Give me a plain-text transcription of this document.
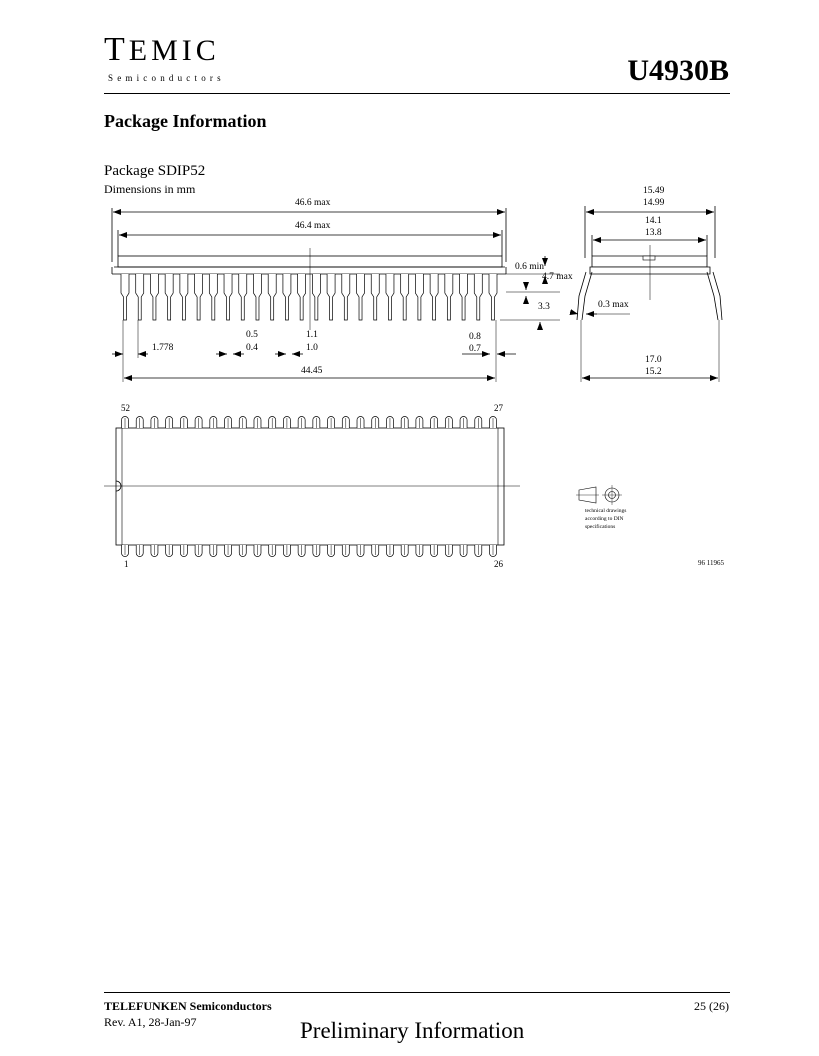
TEMIC
Semiconductors	U4930B
Package Information
Package SDIP52
Dimensions in mm
46.6 max
46.4 max
0.6 min
4.7 max
3.3
1.778
0.5
0.4
1.1
1.0
0.8
0.7
44.45
15.49
14.99
14.1
13.8
0.3 max
17.0
15.2
52	27
1	26
technical drawings
according to DIN
specifications
96 11965
TELEFUNKEN Semiconductors
Rev. A1, 28-Jan-97
25 (26)
Preliminary Information
